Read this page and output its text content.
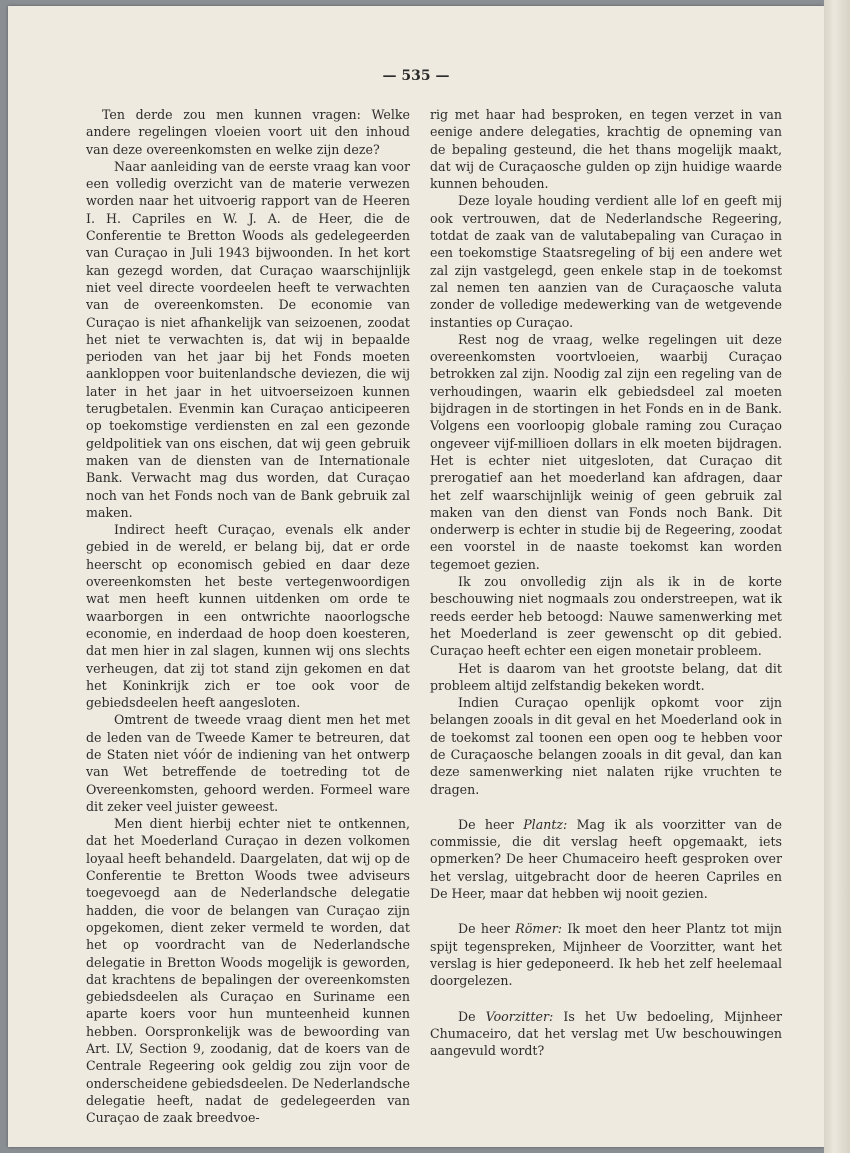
— 535 —

Ten derde zou men kunnen vragen: Welke andere regelingen vloeien voort uit den inhoud van deze overeenkomsten en welke zijn deze?

Naar aanleiding van de eerste vraag kan voor een volledig overzicht van de materie verwezen worden naar het uitvoerig rapport van de Heeren I. H. Capriles en W. J. A. de Heer, die de Conferentie te Bretton Woods als gedelegeerden van Curaçao in Juli 1943 bijwoonden. In het kort kan gezegd worden, dat Curaçao waarschijnlijk niet veel directe voordeelen heeft te verwachten van de overeenkomsten. De economie van Curaçao is niet afhankelijk van seizoenen, zoodat het niet te verwachten is, dat wij in bepaalde perioden van het jaar bij het Fonds moeten aankloppen voor buitenlandsche deviezen, die wij later in het jaar in het uitvoerseizoen kunnen terugbetalen. Evenmin kan Curaçao anticipeeren op toekomstige verdiensten en zal een gezonde geldpolitiek van ons eischen, dat wij geen gebruik maken van de diensten van de Internationale Bank. Verwacht mag dus worden, dat Curaçao noch van het Fonds noch van de Bank gebruik zal maken.

Indirect heeft Curaçao, evenals elk ander gebied in de wereld, er belang bij, dat er orde heerscht op economisch gebied en daar deze overeenkomsten het beste vertegenwoordigen wat men heeft kunnen uitdenken om orde te waarborgen in een ontwrichte naoorlogsche economie, en inderdaad de hoop doen koesteren, dat men hier in zal slagen, kunnen wij ons slechts verheugen, dat zij tot stand zijn gekomen en dat het Koninkrijk zich er toe ook voor de gebiedsdeelen heeft aangesloten.

Omtrent de tweede vraag dient men het met de leden van de Tweede Kamer te betreuren, dat de Staten niet vóór de indiening van het ontwerp van Wet betreffende de toetreding tot de Overeenkomsten, gehoord werden. Formeel ware dit zeker veel juister geweest.

Men dient hierbij echter niet te ontkennen, dat het Moederland Curaçao in dezen volkomen loyaal heeft behandeld. Daargelaten, dat wij op de Conferentie te Bretton Woods twee adviseurs toegevoegd aan de Nederlandsche delegatie hadden, die voor de belangen van Curaçao zijn opgekomen, dient zeker vermeld te worden, dat het op voordracht van de Nederlandsche delegatie in Bretton Woods mogelijk is geworden, dat krachtens de bepalingen der overeenkomsten gebiedsdeelen als Curaçao en Suriname een aparte koers voor hun munteenheid kunnen hebben. Oorspronkelijk was de bewoording van Art. LV, Section 9, zoodanig, dat de koers van de Centrale Regeering ook geldig zou zijn voor de onderscheidene gebiedsdeelen. De Nederlandsche delegatie heeft, nadat de gedelegeerden van Curaçao de zaak breedvoe-

rig met haar had besproken, en tegen verzet in van eenige andere delegaties, krachtig de opneming van de bepaling gesteund, die het thans mogelijk maakt, dat wij de Curaçaosche gulden op zijn huidige waarde kunnen behouden.

Deze loyale houding verdient alle lof en geeft mij ook vertrouwen, dat de Nederlandsche Regeering, totdat de zaak van de valutabepaling van Curaçao in een toekomstige Staatsregeling of bij een andere wet zal zijn vastgelegd, geen enkele stap in de toekomst zal nemen ten aanzien van de Curaçaosche valuta zonder de volledige medewerking van de wetgevende instanties op Curaçao.

Rest nog de vraag, welke regelingen uit deze overeenkomsten voortvloeien, waarbij Curaçao betrokken zal zijn. Noodig zal zijn een regeling van de verhoudingen, waarin elk gebiedsdeel zal moeten bijdragen in de stortingen in het Fonds en in de Bank. Volgens een voorloopig globale raming zou Curaçao ongeveer vijf-millioen dollars in elk moeten bijdragen. Het is echter niet uitgesloten, dat Curaçao dit prerogatief aan het moederland kan afdragen, daar het zelf waarschijnlijk weinig of geen gebruik zal maken van den dienst van Fonds noch Bank. Dit onderwerp is echter in studie bij de Regeering, zoodat een voorstel in de naaste toekomst kan worden tegemoet gezien.

Ik zou onvolledig zijn als ik in de korte beschouwing niet nogmaals zou onderstreepen, wat ik reeds eerder heb betoogd: Nauwe samenwerking met het Moederland is zeer gewenscht op dit gebied. Curaçao heeft echter een eigen monetair probleem.

Het is daarom van het grootste belang, dat dit probleem altijd zelfstandig bekeken wordt.

Indien Curaçao openlijk opkomt voor zijn belangen zooals in dit geval en het Moederland ook in de toekomst zal toonen een open oog te hebben voor de Curaçaosche belangen zooals in dit geval, dan kan deze samenwerking niet nalaten rijke vruchten te dragen.

De heer Plantz: Mag ik als voorzitter van de commissie, die dit verslag heeft opgemaakt, iets opmerken? De heer Chumaceiro heeft gesproken over het verslag, uitgebracht door de heeren Capriles en De Heer, maar dat hebben wij nooit gezien.

De heer Römer: Ik moet den heer Plantz tot mijn spijt tegenspreken, Mijnheer de Voorzitter, want het verslag is hier gedeponeerd. Ik heb het zelf heelemaal doorgelezen.

De Voorzitter: Is het Uw bedoeling, Mijnheer Chumaceiro, dat het verslag met Uw beschouwingen aangevuld wordt?
